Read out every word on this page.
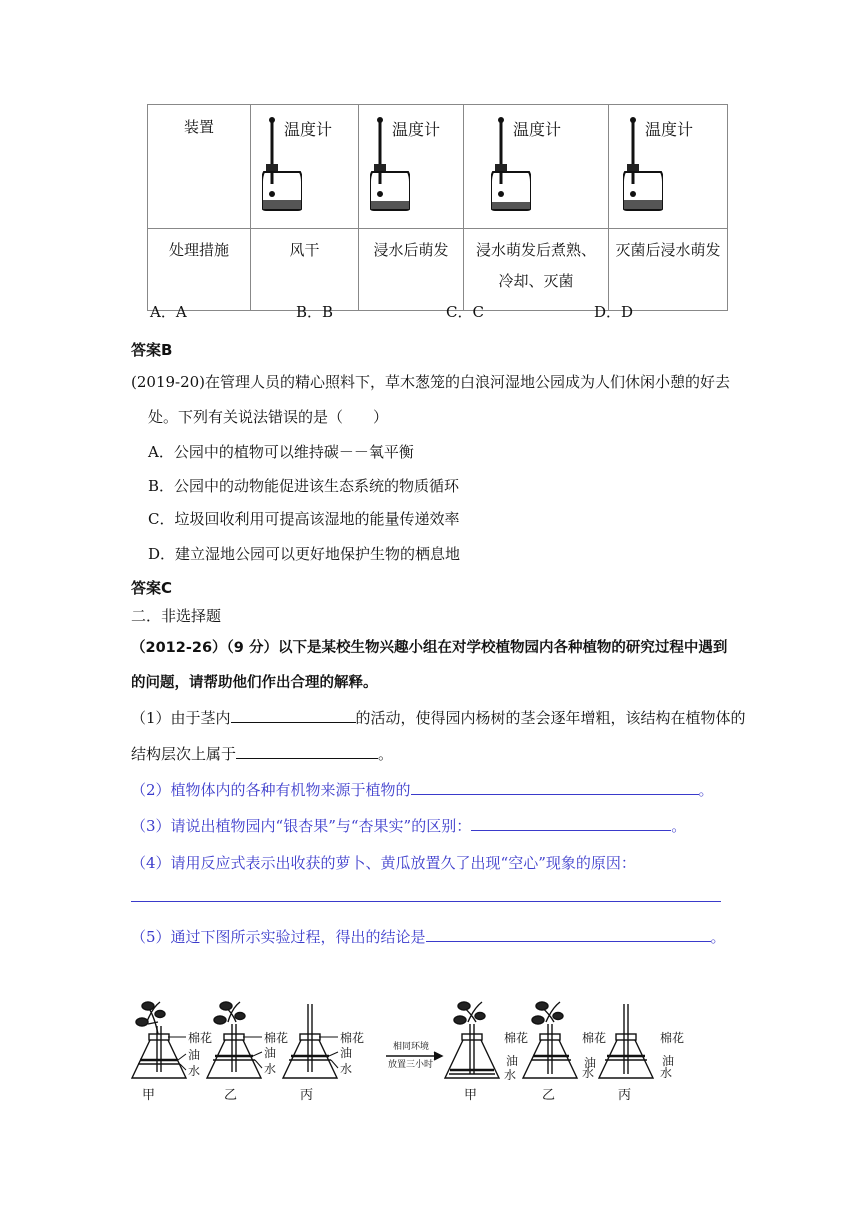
装置	温度计	温度计	温度计	温度计

处理措施	风干	浸水后萌发	浸水萌发后煮熟、冷却、灭菌	灭菌后浸水萌发
A．A	B．B	C．C	D．D
答案B
(2019-20)在管理人员的精心照料下，草木葱笼的白浪河湿地公园成为人们休闲小憩的好去
处。下列有关说法错误的是（　　）
A．公园中的植物可以维持碳－－氧平衡
B．公园中的动物能促进该生态系统的物质循环
C．垃圾回收利用可提高该湿地的能量传递效率
D．建立湿地公园可以更好地保护生物的栖息地
答案C
二．非选择题
（2012-26）（9 分）以下是某校生物兴趣小组在对学校植物园内各种植物的研究过程中遇到
的问题，请帮助他们作出合理的解释。
（1）由于茎内	的活动，使得园内杨树的茎会逐年增粗，该结构在植物体的
结构层次上属于	。
（2）植物体内的各种有机物来源于植物的	。
（3）请说出植物园内“银杏果”与“杏果实”的区别：	。
（4）请用反应式表示出收获的萝卜、黄瓜放置久了出现“空心”现象的原因：
（5）通过下图所示实验过程，得出的结论是	。
棉花
油
水
棉花
油
水
棉花
油
水
相同环境
放置三小时
棉花
油
水
棉花
油
水
棉花
油
水
甲	乙	丙	甲	乙	丙
